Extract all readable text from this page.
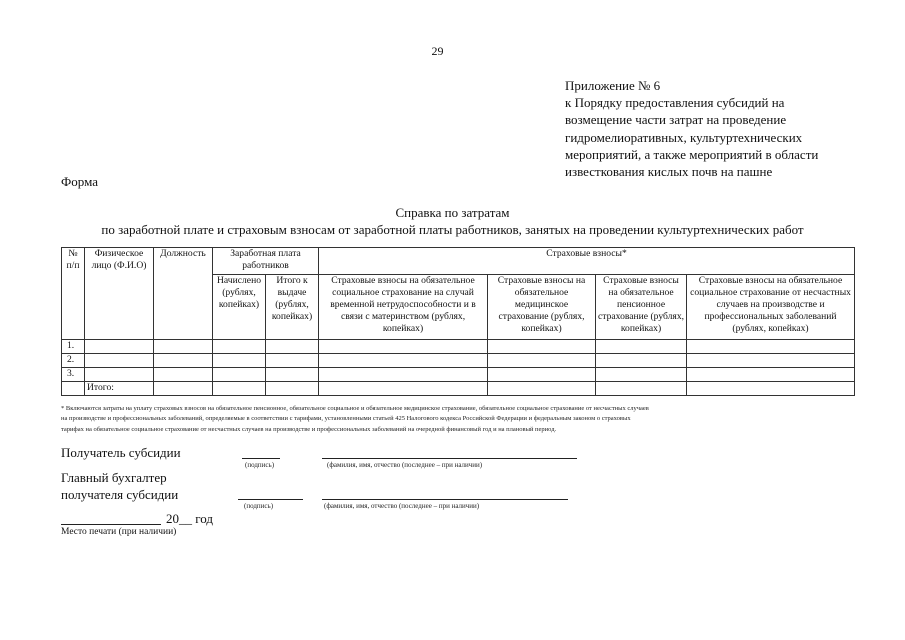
29
Приложение № 6
к Порядку предоставления субсидий на
возмещение части затрат на проведение
гидромелиоративных, культуртехнических
мероприятий, а также мероприятий в области
известкования кислых почв на пашне
Форма
Справка по затратам
по заработной плате и страховым взносам от заработной платы работников, занятых на проведении культуртехнических работ
№ п/п	Физическое лицо (Ф.И.О)	Должность	Заработная плата работников		Страховые взносы*			
			Начислено (рублях, копейках)	Итого к выдаче (рублях, копейках)	Страховые взносы на обязательное социальное страхование на случай временной нетрудоспособности и в связи с материнством (рублях, копейках)	Страховые взносы на обязательное медицинское страхование (рублях, копейках)	Страховые взносы на обязательное пенсионное страхование (рублях, копейках)	Страховые взносы на обязательное социальное страхование от несчастных случаев на производстве и профессиональных заболеваний (рублях, копейках)
1.								
2.								
3.								
	Итого:							
* Включаются затраты на уплату страховых взносов на обязательное пенсионное, обязательное социальное и обязательное медицинское страхование, обязательное социальное страхование от несчастных случаев
на производстве и профессиональных заболеваний, определяемые в соответствии с тарифами, установленными статьей 425 Налогового кодекса Российской Федерации и федеральным законом о страховых
тарифах на обязательное социальное страхование от несчастных случаев на производстве и профессиональных заболеваний на очередной финансовый год и на плановый период.
Получатель субсидии
(подпись)	(фамилия, имя, отчество (последнее – при наличии)
Главный бухгалтер
получателя субсидии
(подпись)	(фамилия, имя, отчество (последнее – при наличии)
20__ год
Место печати (при наличии)
